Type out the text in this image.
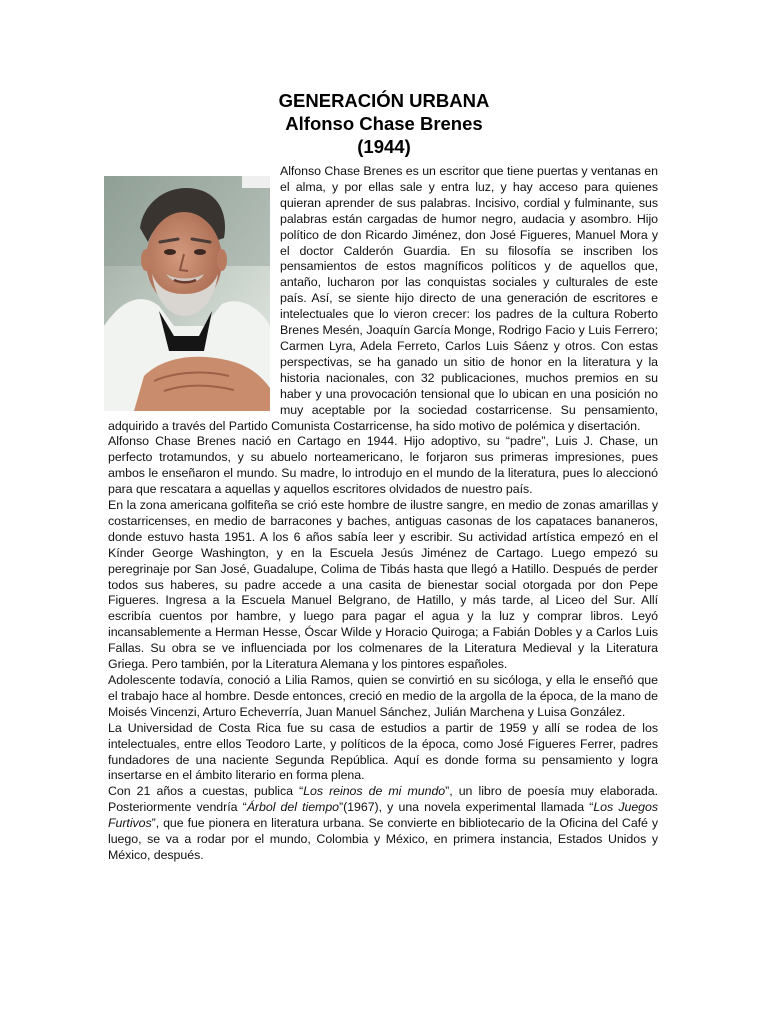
GENERACIÓN URBANA
Alfonso Chase Brenes
(1944)

Alfonso Chase Brenes es un escritor que tiene puertas y ventanas en el alma, y por ellas sale y entra luz, y hay acceso para quienes quieran aprender de sus palabras. Incisivo, cordial y fulminante, sus palabras están cargadas de humor negro, audacia y asombro. Hijo político de don Ricardo Jiménez, don José Figueres, Manuel Mora y el doctor Calderón Guardia. En su filosofía se inscriben los pensamientos de estos magníficos políticos y de aquellos que, antaño, lucharon por las conquistas sociales y culturales de este país. Así, se siente hijo directo de una generación de escritores e intelectuales que lo vieron crecer: los padres de la cultura Roberto Brenes Mesén, Joaquín García Monge, Rodrigo Facio y Luis Ferrero; Carmen Lyra, Adela Ferreto, Carlos Luis Sáenz y otros. Con estas perspectivas, se ha ganado un sitio de honor en la literatura y la historia nacionales, con 32 publicaciones, muchos premios en su haber y una provocación tensional que lo ubican en una posición no muy aceptable por la sociedad costarricense. Su pensamiento, adquirido a través del Partido Comunista Costarricense, ha sido motivo de polémica y disertación.

Alfonso Chase Brenes nació en Cartago en 1944. Hijo adoptivo, su “padre”, Luis J. Chase, un perfecto trotamundos, y su abuelo norteamericano, le forjaron sus primeras impresiones, pues ambos le enseñaron el mundo. Su madre, lo introdujo en el mundo de la literatura, pues lo aleccionó para que rescatara a aquellas y aquellos escritores olvidados de nuestro país.

En la zona americana golfiteña se crió este hombre de ilustre sangre, en medio de zonas amarillas y costarricenses, en medio de barracones y baches, antiguas casonas de los capataces bananeros, donde estuvo hasta 1951. A los 6 años sabía leer y escribir. Su actividad artística empezó en el Kínder George Washington, y en la Escuela Jesús Jiménez de Cartago. Luego empezó su peregrinaje por San José, Guadalupe, Colima de Tibás hasta que llegó a Hatillo. Después de perder todos sus haberes, su padre accede a una casita de bienestar social otorgada por don Pepe Figueres. Ingresa a la Escuela Manuel Belgrano, de Hatillo, y más tarde, al Liceo del Sur. Allí escribía cuentos por hambre, y luego para pagar el agua y la luz y comprar libros. Leyó incansablemente a Herman Hesse, Óscar Wilde y Horacio Quiroga; a Fabián Dobles y a Carlos Luis Fallas. Su obra se ve influenciada por los colmenares de la Literatura Medieval y la Literatura Griega. Pero también, por la Literatura Alemana y los pintores españoles.

Adolescente todavía, conoció a Lilia Ramos, quien se convirtió en su sicóloga, y ella le enseñó que el trabajo hace al hombre. Desde entonces, creció en medio de la argolla de la época, de la mano de Moisés Vincenzi, Arturo Echeverría, Juan Manuel Sánchez, Julián Marchena y Luisa González.

La Universidad de Costa Rica fue su casa de estudios a partir de 1959 y allí se rodea de los intelectuales, entre ellos Teodoro Larte, y políticos de la época, como José Figueres Ferrer, padres fundadores de una naciente Segunda República. Aquí es donde forma su pensamiento y logra insertarse en el ámbito literario en forma plena.

Con 21 años a cuestas, publica “Los reinos de mi mundo”, un libro de poesía muy elaborada. Posteriormente vendría “Árbol del tiempo”(1967), y una novela experimental llamada “Los Juegos Furtivos”, que fue pionera en literatura urbana. Se convierte en bibliotecario de la Oficina del Café y luego, se va a rodar por el mundo, Colombia y México, en primera instancia, Estados Unidos y México, después.
